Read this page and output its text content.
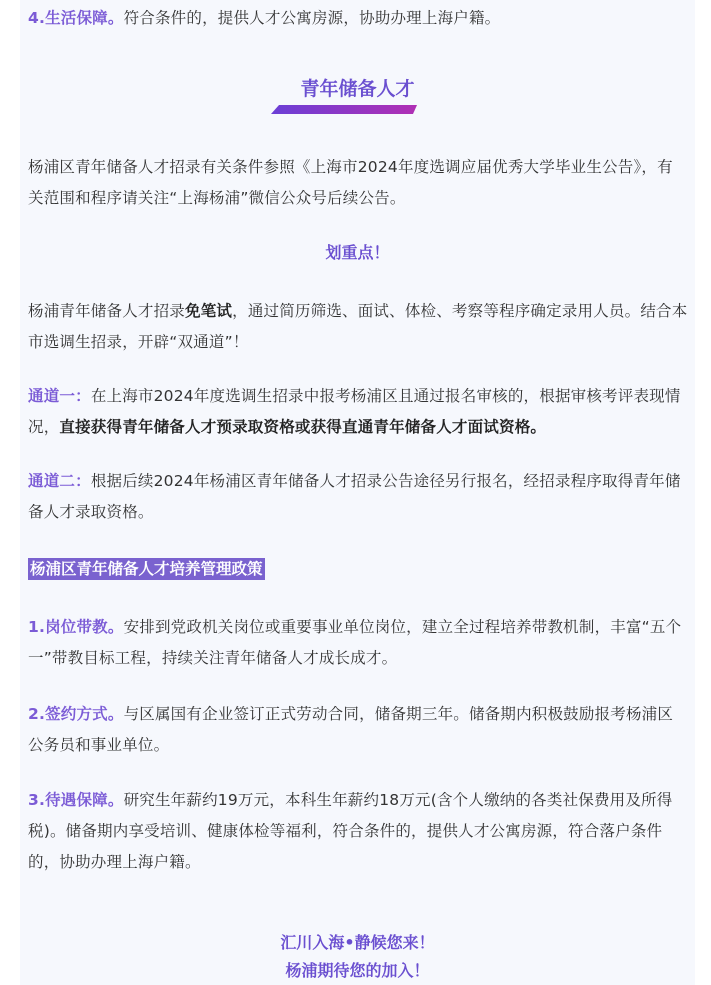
4.生活保障。符合条件的，提供人才公寓房源，协助办理上海户籍。

青年储备人才

杨浦区青年储备人才招录有关条件参照《上海市2024年度选调应届优秀大学毕业生公告》，有关范围和程序请关注“上海杨浦”微信公众号后续公告。

划重点！

杨浦青年储备人才招录免笔试，通过简历筛选、面试、体检、考察等程序确定录用人员。结合本市选调生招录，开辟“双通道”！

通道一：在上海市2024年度选调生招录中报考杨浦区且通过报名审核的，根据审核考评表现情况，直接获得青年储备人才预录取资格或获得直通青年储备人才面试资格。

通道二：根据后续2024年杨浦区青年储备人才招录公告途径另行报名，经招录程序取得青年储备人才录取资格。

杨浦区青年储备人才培养管理政策

1.岗位带教。安排到党政机关岗位或重要事业单位岗位，建立全过程培养带教机制，丰富“五个一”带教目标工程，持续关注青年储备人才成长成才。

2.签约方式。与区属国有企业签订正式劳动合同，储备期三年。储备期内积极鼓励报考杨浦区公务员和事业单位。

3.待遇保障。研究生年薪约19万元，本科生年薪约18万元(含个人缴纳的各类社保费用及所得税)。储备期内享受培训、健康体检等福利，符合条件的，提供人才公寓房源，符合落户条件的，协助办理上海户籍。

汇川入海•静候您来！
杨浦期待您的加入！
